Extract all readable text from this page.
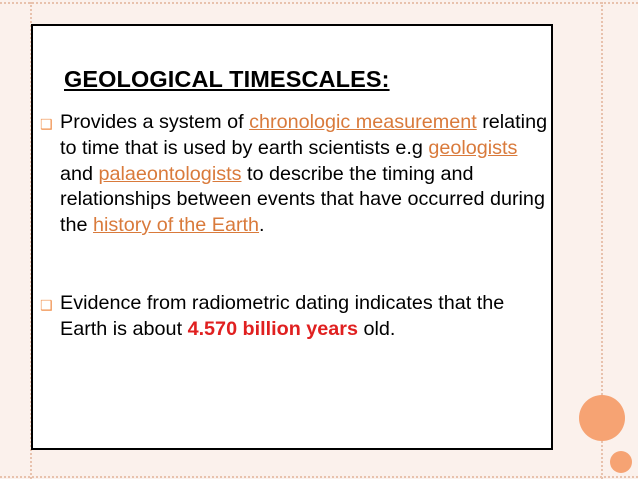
GEOLOGICAL TIMESCALES:
❑ Provides a system of chronologic measurement relating to time that is used by earth scientists e.g geologists and palaeontologists to describe the timing and relationships between events that have occurred during the history of the Earth.
❑ Evidence from radiometric dating indicates that the Earth is about 4.570 billion years old.
